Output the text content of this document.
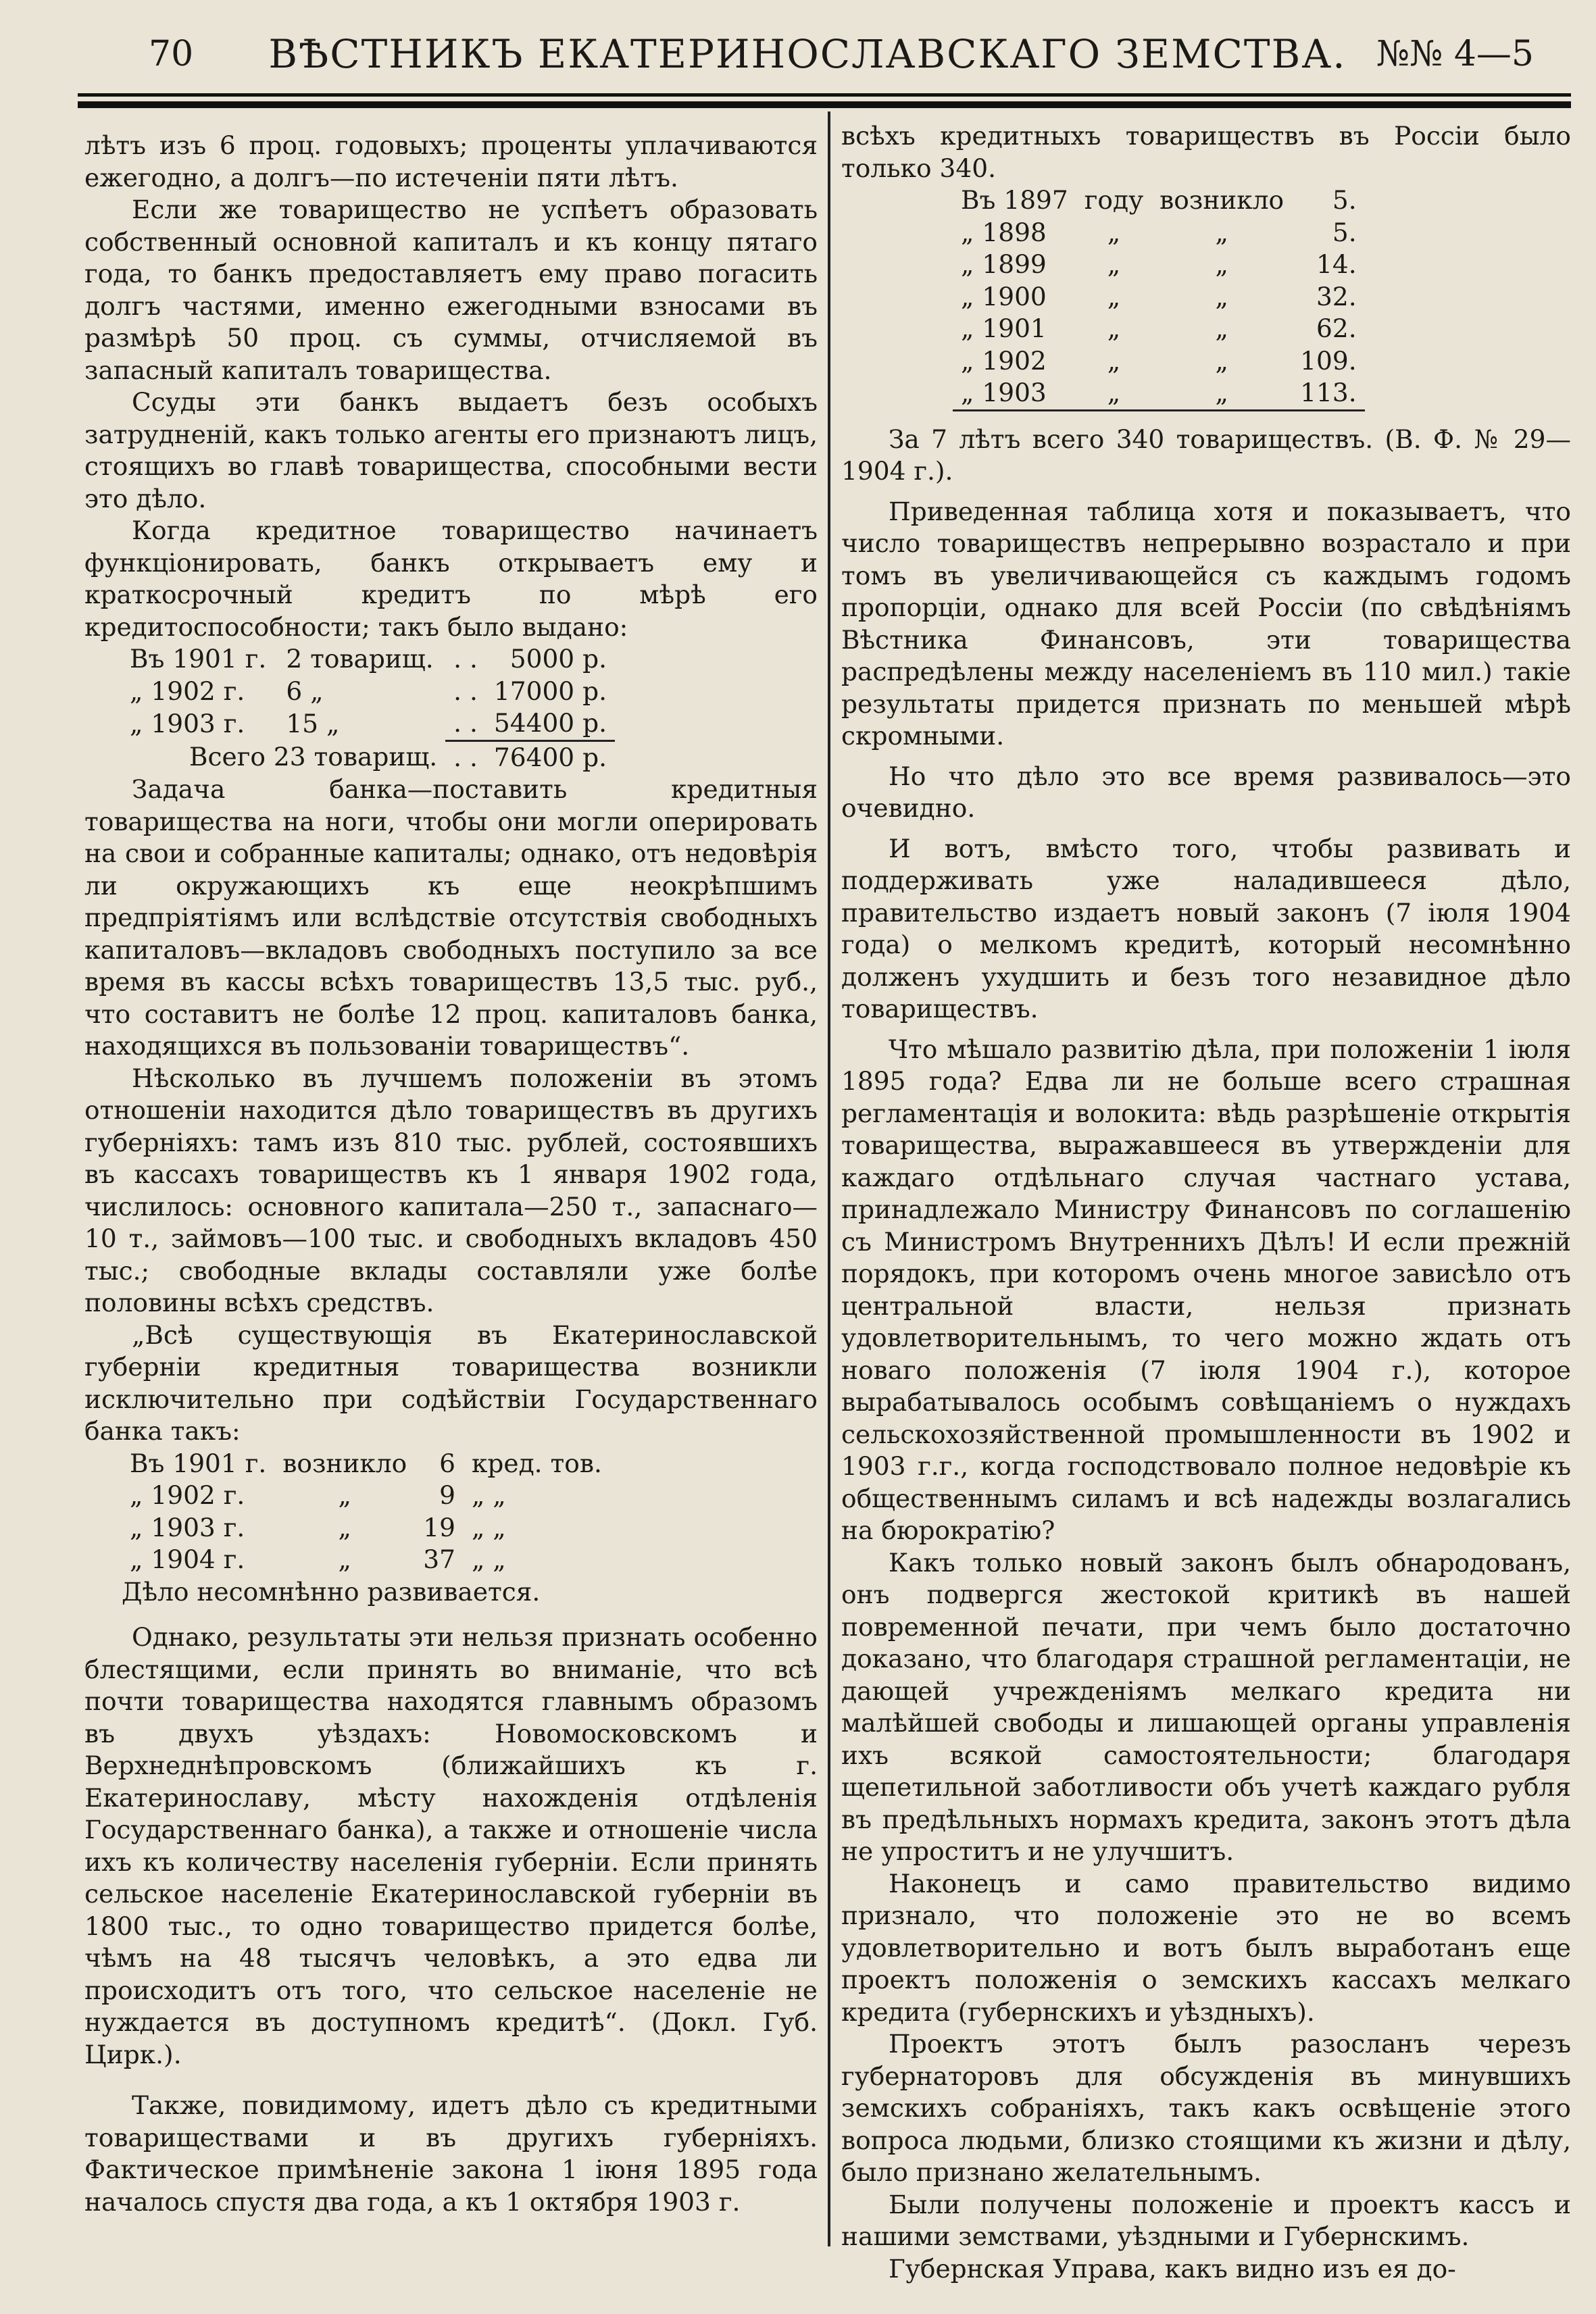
70	ВѢСТНИКЪ ЕКАТЕРИНОСЛАВСКАГО ЗЕМСТВА. №№ 4—5

лѣтъ изъ 6 проц. годовыхъ; проценты уплачиваются ежегодно, а долгъ—по истеченіи пяти лѣтъ.

Если же товарищество не успѣетъ образовать собственный основной капиталъ и къ концу пятаго года, то банкъ предоставляетъ ему право погасить долгъ частями, именно ежегодными взносами въ размѣрѣ 50 проц. съ суммы, отчисляемой въ запасный капиталъ товарищества.

Ссуды эти банкъ выдаетъ безъ особыхъ затрудненій, какъ только агенты его признаютъ лицъ, стоящихъ во главѣ товарищества, способными вести это дѣло.

Когда кредитное товарищество начинаетъ функціонировать, банкъ открываетъ ему и краткосрочный кредитъ по мѣрѣ его кредитоспособности; такъ было выдано:

Въ 1901 г.	2 товарищ.	. .	5000 р.
„ 1902 г.	6 „	. .	17000 р.
„ 1903 г.	15 „	. .	54400 р.
Всего 23 товарищ.		. .	76400 р.

Задача банка—поставить кредитныя товарищества на ноги, чтобы они могли оперировать на свои и собранные капиталы; однако, отъ недовѣрія ли окружающихъ къ еще неокрѣпшимъ предпріятіямъ или вслѣдствіе отсутствія свободныхъ капиталовъ—вкладовъ свободныхъ поступило за все время въ кассы всѣхъ товариществъ 13,5 тыс. руб., что составитъ не болѣе 12 проц. капиталовъ банка, находящихся въ пользованіи товариществъ“.

Нѣсколько въ лучшемъ положеніи въ этомъ отношеніи находится дѣло товариществъ въ другихъ губерніяхъ: тамъ изъ 810 тыс. рублей, состоявшихъ въ кассахъ товариществъ къ 1 января 1902 года, числилось: основного капитала—250 т., запаснаго—10 т., займовъ—100 тыс. и свободныхъ вкладовъ 450 тыс.; свободные вклады составляли уже болѣе половины всѣхъ средствъ.

„Всѣ существующія въ Екатеринославской губерніи кредитныя товарищества возникли исключительно при содѣйствіи Государственнаго банка такъ:

Въ 1901 г.	возникло	6	кред. тов.
„ 1902 г.	„	9	„ „
„ 1903 г.	„	19	„ „
„ 1904 г.	„	37	„ „

Дѣло несомнѣнно развивается.

Однако, результаты эти нельзя признать особенно блестящими, если принять во вниманіе, что всѣ почти товарищества находятся главнымъ образомъ въ двухъ уѣздахъ: Новомосковскомъ и Верхнеднѣпровскомъ (ближайшихъ къ г. Екатеринославу, мѣсту нахожденія отдѣленія Государственнаго банка), а также и отношеніе числа ихъ къ количеству населенія губерніи. Если принять сельское населеніе Екатеринославской губерніи въ 1800 тыс., то одно товарищество придется болѣе, чѣмъ на 48 тысячъ человѣкъ, а это едва ли происходитъ отъ того, что сельское населеніе не нуждается въ доступномъ кредитѣ“. (Докл. Губ. Цирк.).

Также, повидимому, идетъ дѣло съ кредитными товариществами и въ другихъ губерніяхъ. Фактическое примѣненіе закона 1 іюня 1895 года началось спустя два года, а къ 1 октября 1903 г.

всѣхъ кредитныхъ товариществъ въ Россіи было только 340.

Въ 1897	году	возникло	5.
„ 1898	„	„	5.
„ 1899	„	„	14.
„ 1900	„	„	32.
„ 1901	„	„	62.
„ 1902	„	„	109.
„ 1903	„	„	113.

За 7 лѣтъ всего 340 товариществъ. (В. Ф. № 29—1904 г.).

Приведенная таблица хотя и показываетъ, что число товариществъ непрерывно возрастало и при томъ въ увеличивающейся съ каждымъ годомъ пропорціи, однако для всей Россіи (по свѣдѣніямъ Вѣстника Финансовъ, эти товарищества распредѣлены между населеніемъ въ 110 мил.) такіе результаты придется признать по меньшей мѣрѣ скромными.

Но что дѣло это все время развивалось—это очевидно.

И вотъ, вмѣсто того, чтобы развивать и поддерживать уже наладившееся дѣло, правительство издаетъ новый законъ (7 іюля 1904 года) о мелкомъ кредитѣ, который несомнѣнно долженъ ухудшить и безъ того незавидное дѣло товариществъ.

Что мѣшало развитію дѣла, при положеніи 1 іюля 1895 года? Едва ли не больше всего страшная регламентація и волокита: вѣдь разрѣшеніе открытія товарищества, выражавшееся въ утвержденіи для каждаго отдѣльнаго случая частнаго устава, принадлежало Министру Финансовъ по соглашенію съ Министромъ Внутреннихъ Дѣлъ! И если прежній порядокъ, при которомъ очень многое зависѣло отъ центральной власти, нельзя признать удовлетворительнымъ, то чего можно ждать отъ новаго положенія (7 іюля 1904 г.), которое вырабатывалось особымъ совѣщаніемъ о нуждахъ сельскохозяйственной промышленности въ 1902 и 1903 г.г., когда господствовало полное недовѣріе къ общественнымъ силамъ и всѣ надежды возлагались на бюрократію?

Какъ только новый законъ былъ обнародованъ, онъ подвергся жестокой критикѣ въ нашей повременной печати, при чемъ было достаточно доказано, что благодаря страшной регламентаціи, не дающей учрежденіямъ мелкаго кредита ни малѣйшей свободы и лишающей органы управленія ихъ всякой самостоятельности; благодаря щепетильной заботливости объ учетѣ каждаго рубля въ предѣльныхъ нормахъ кредита, законъ этотъ дѣла не упроститъ и не улучшитъ.

Наконецъ и само правительство видимо признало, что положеніе это не во всемъ удовлетворительно и вотъ былъ выработанъ еще проектъ положенія о земскихъ кассахъ мелкаго кредита (губернскихъ и уѣздныхъ).

Проектъ этотъ былъ разосланъ черезъ губернаторовъ для обсужденія въ минувшихъ земскихъ собраніяхъ, такъ какъ освѣщеніе этого вопроса людьми, близко стоящими къ жизни и дѣлу, было признано желательнымъ.

Были получены положеніе и проектъ кассъ и нашими земствами, уѣздными и Губернскимъ.

Губернская Управа, какъ видно изъ ея до-
